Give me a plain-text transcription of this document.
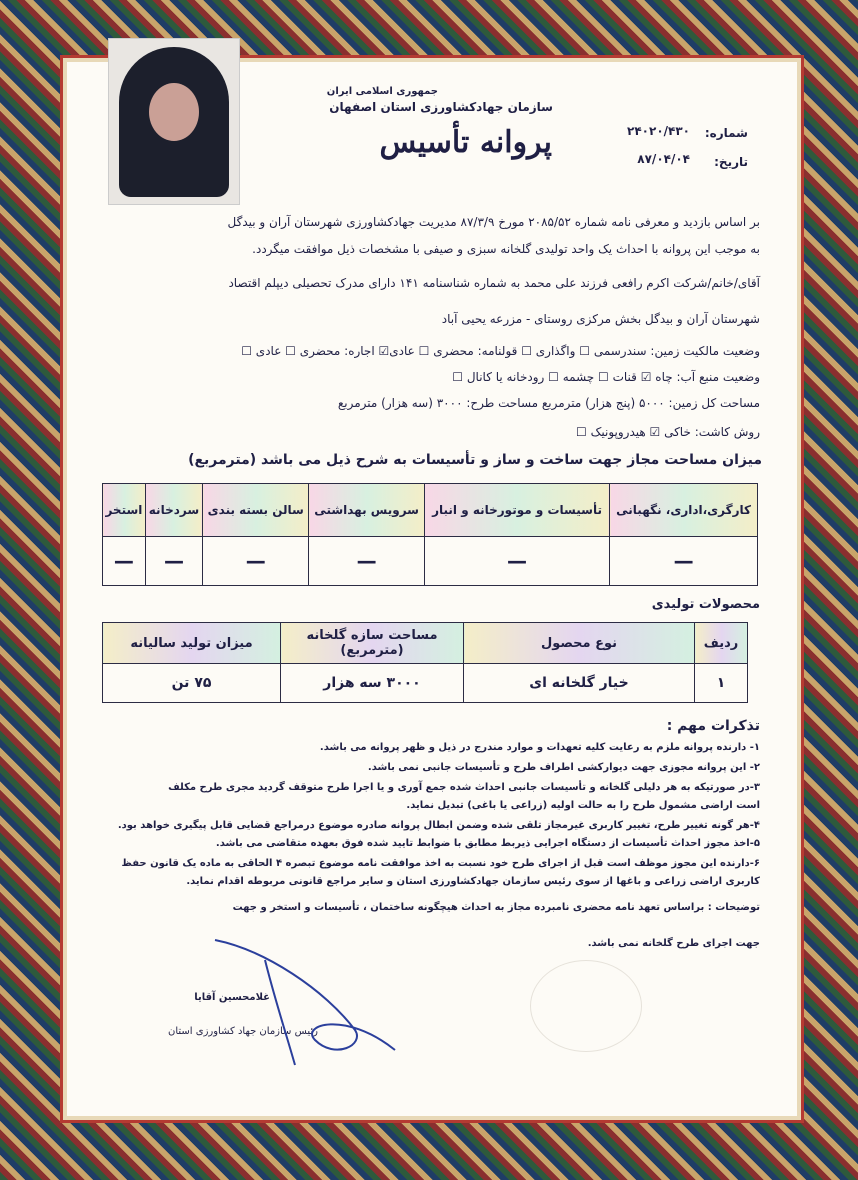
جمهوری اسلامی ایران
سازمان جهادکشاورزی استان اصفهان
پروانه تأسیس	شماره:
۲۴۰۲۰/۴۳۰
تاریخ:
۸۷/۰۴/۰۴
بر اساس بازدید و معرفی نامه شماره ۲۰۸۵/۵۲ مورخ ۸۷/۳/۹ مدیریت جهادکشاورزی شهرستان آران و بیدگل
به موجب این پروانه با احداث یک واحد تولیدی گلخانه سبزی و صیفی با مشخصات ذیل موافقت میگردد.
آقای/خانم/شرکت اکرم رافعی فرزند علی محمد به شماره شناسنامه ۱۴۱ دارای مدرک تحصیلی دیپلم اقتصاد
شهرستان آران و بیدگل بخش مرکزی روستای - مزرعه یحیی آباد
وضعیت مالکیت زمین: سندرسمی ☐ واگذاری ☐ قولنامه: محضری ☐ عادی☑ اجاره: محضری ☐ عادی ☐
وضعیت منبع آب: چاه ☑ قنات ☐ چشمه ☐ رودخانه یا کانال ☐
مساحت کل زمین: ۵۰۰۰ (پنج هزار) مترمربع مساحت طرح: ۳۰۰۰ (سه هزار) مترمربع
روش کاشت: خاکی ☑ هیدروپونیک ☐
میزان مساحت مجاز جهت ساخت و ساز و تأسیسات به شرح ذیل می باشد (مترمربع)
کارگری،اداری، نگهبانی	تأسیسات و موتورخانه و انبار	سرویس بهداشتی	سالن بسته بندی	سردخانه	استخر
—	—	—	—	—	—
محصولات تولیدی
ردیف	نوع محصول	مساحت سازه گلخانه (مترمربع)	میزان تولید سالیانه
۱	خیار گلخانه ای	۳۰۰۰ سه هزار	۷۵ تن
تذکرات مهم :
۱- دارنده پروانه ملزم به رعایت کلیه تعهدات و موارد مندرج در ذیل و ظهر پروانه می باشد.
۲- این پروانه مجوزی جهت دیوارکشی اطراف طرح و تأسیسات جانبی نمی باشد.
۳-در صورتیکه به هر دلیلی گلخانه و تأسیسات جانبی احداث شده جمع آوری و یا اجرا طرح متوقف گردید مجری طرح مکلف
است اراضی مشمول طرح را به حالت اولیه (زراعی یا باغی) تبدیل نماید.
۴-هر گونه تغییر طرح، تغییر کاربری غیرمجاز تلقی شده وضمن ابطال پروانه صادره موضوع درمراجع قضایی قابل پیگیری خواهد بود.
۵-اخذ مجوز احداث تأسیسات از دستگاه اجرایی ذیربط مطابق با ضوابط تایید شده فوق بعهده متقاضی می باشد.
۶-دارنده این مجوز موظف است قبل از اجرای طرح خود نسبت به اخذ موافقت نامه موضوع تبصره ۴ الحاقی به ماده یک قانون حفظ
کاربری اراضی زراعی و باغها از سوی رئیس سازمان جهادکشاورزی استان و سایر مراجع قانونی مربوطه اقدام نماید.
توضیحات : براساس تعهد نامه محضری نامبرده مجاز به احداث هیچگونه ساختمان ، تأسیسات و استخر و جهت
جهت اجرای طرح گلخانه نمی باشد.
غلامحسین آقایا
رئیس سازمان جهاد کشاورزی استان
